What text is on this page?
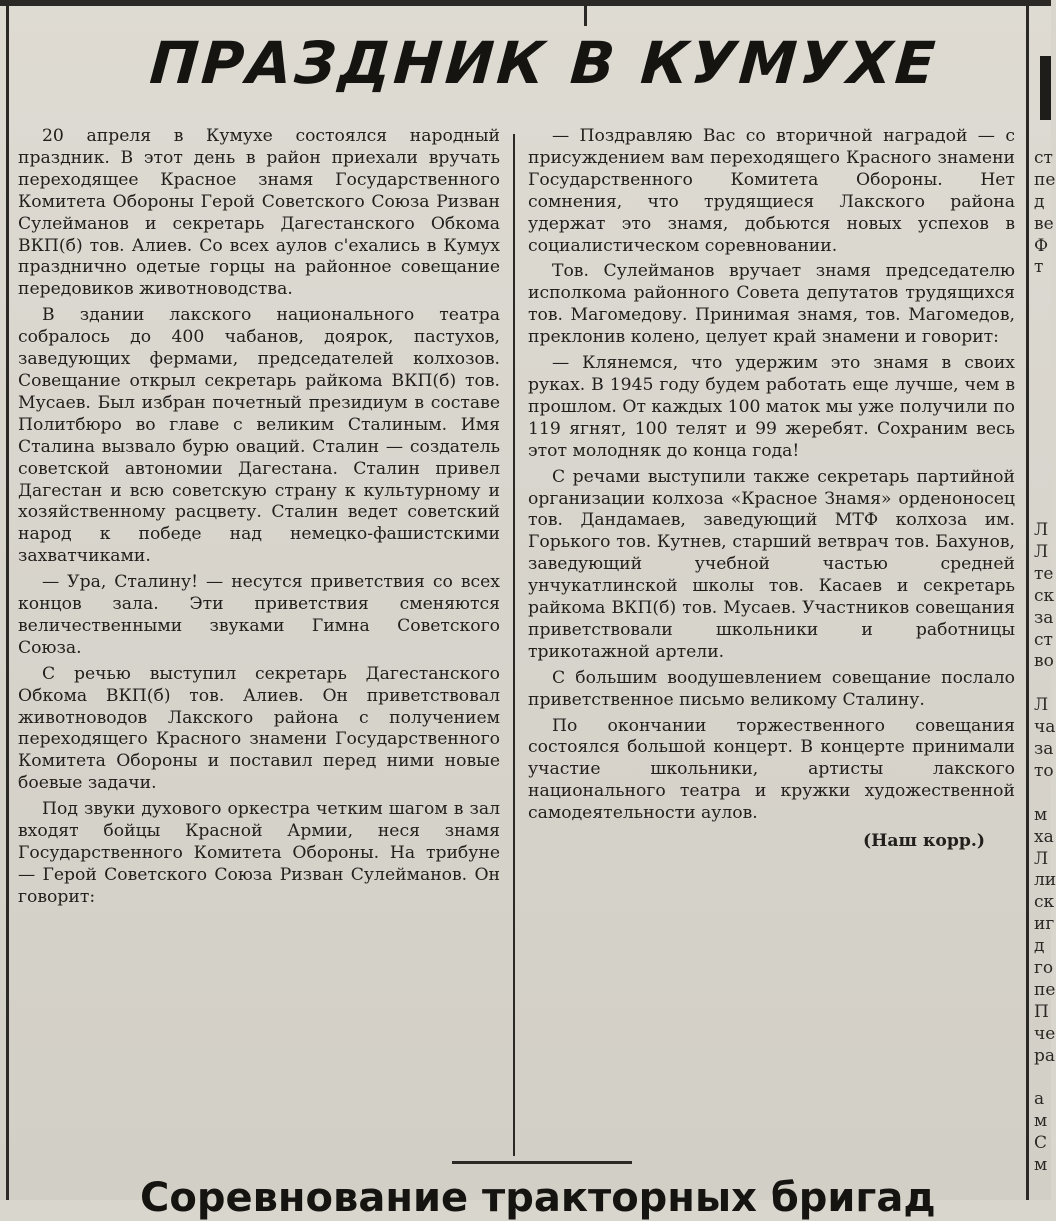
ПРАЗДНИК В КУМУХЕ

20 апреля в Кумухе состоялся народный праздник. В этот день в район приехали вручать переходящее Красное знамя Государственного Комитета Обороны Герой Советского Союза Ризван Сулейманов и секретарь Дагестанского Обкома ВКП(б) тов. Алиев. Со всех аулов с'ехались в Кумух празднично одетые горцы на районное совещание передовиков животноводства.

В здании лакского национального театра собралось до 400 чабанов, доярок, пастухов, заведующих фермами, председателей колхозов. Совещание открыл секретарь райкома ВКП(б) тов. Мусаев. Был избран почетный президиум в составе Политбюро во главе с великим Сталиным. Имя Сталина вызвало бурю оваций. Сталин — создатель советской автономии Дагестана. Сталин привел Дагестан и всю советскую страну к культурному и хозяйственному расцвету. Сталин ведет советский народ к победе над немецко-фашистскими захватчиками.

— Ура, Сталину! — несутся приветствия со всех концов зала. Эти приветствия сменяются величественными звуками Гимна Советского Союза.

С речью выступил секретарь Дагестанского Обкома ВКП(б) тов. Алиев. Он приветствовал животноводов Лакского района с получением переходящего Красного знамени Государственного Комитета Обороны и поставил перед ними новые боевые задачи.

Под звуки духового оркестра четким шагом в зал входят бойцы Красной Армии, неся знамя Государственного Комитета Обороны. На трибуне — Герой Советского Союза Ризван Сулейманов. Он говорит:

— Поздравляю Вас со вторичной наградой — с присуждением вам переходящего Красного знамени Государственного Комитета Обороны. Нет сомнения, что трудящиеся Лакского района удержат это знамя, добьются новых успехов в социалистическом соревновании.

Тов. Сулейманов вручает знамя председателю исполкома районного Совета депутатов трудящихся тов. Магомедову. Принимая знамя, тов. Магомедов, преклонив колено, целует край знамени и говорит:

— Клянемся, что удержим это знамя в своих руках. В 1945 году будем работать еще лучше, чем в прошлом. От каждых 100 маток мы уже получили по 119 ягнят, 100 телят и 99 жеребят. Сохраним весь этот молодняк до конца года!

С речами выступили также секретарь партийной организации колхоза «Красное Знамя» орденоносец тов. Дандамаев, заведующий МТФ колхоза им. Горького тов. Кутнев, старший ветврач тов. Бахунов, заведующий учебной частью средней унчукатлинской школы тов. Касаев и секретарь райкома ВКП(б) тов. Мусаев. Участников совещания приветствовали школьники и работницы трикотажной артели.

С большим воодушевлением совещание послало приветственное письмо великому Сталину.

По окончании торжественного совещания состоялся большой концерт. В концерте принимали участие школьники, артисты лакского национального театра и кружки художественной самодеятельности аулов.

(Наш корр.)

ст
пе
д
ве
Ф
т
Л
Л
те
ск
за
ст
во
Л
ча
за
то
м
ха
Л
ли
ск
иг
д
го
пе
П
че
ра
а
м
С
м
Соревнование тракторных бригад
